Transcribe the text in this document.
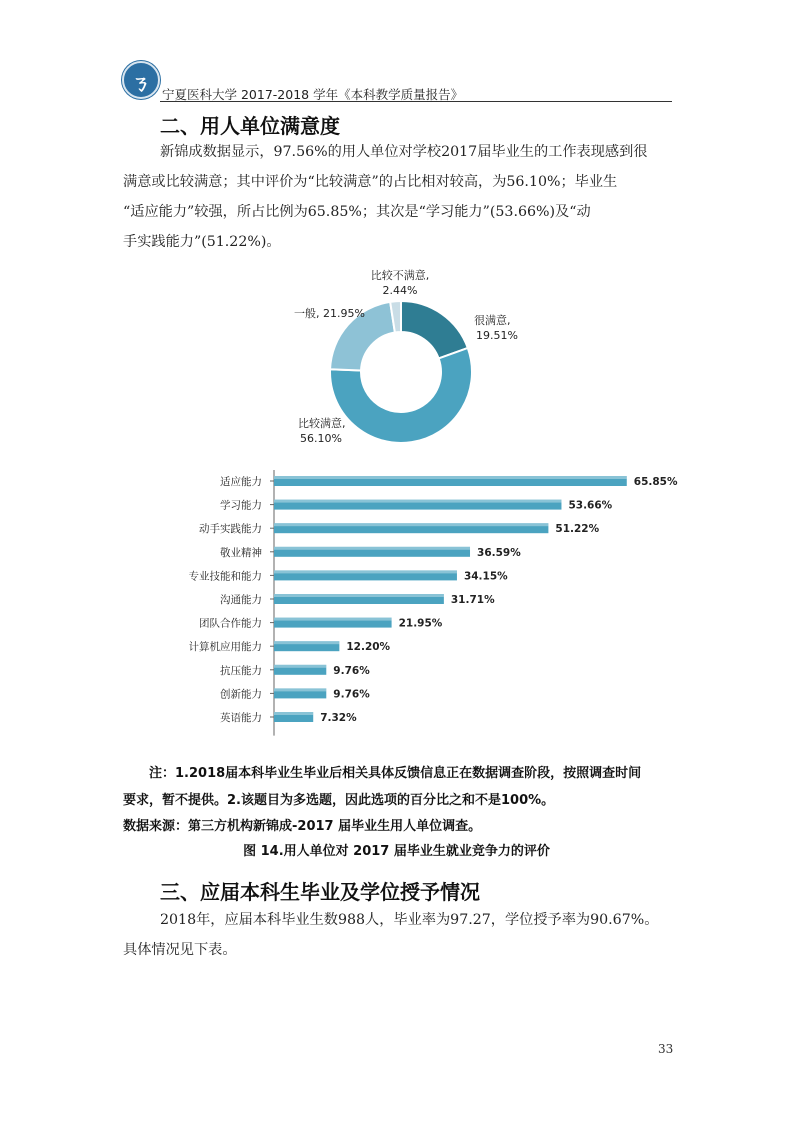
ㄋ 宁夏医科大学 2017-2018 学年《本科教学质量报告》
二、用人单位满意度
新锦成数据显示，97.56%的用人单位对学校2017届毕业生的工作表现感到很
满意或比较满意；其中评价为“比较满意”的占比相对较高，为56.10%；毕业生
“适应能力”较强，所占比例为65.85%；其次是“学习能力”(53.66%)及“动
手实践能力”(51.22%)。
很满意,
19.51%
比较满意,
56.10%
一般, 21.95%
比较不满意,
2.44%
适应能力	65.85%
学习能力	53.66%
动手实践能力	51.22%
敬业精神	36.59%
专业技能和能力	34.15%
沟通能力	31.71%
团队合作能力	21.95%
计算机应用能力	12.20%
抗压能力	9.76%
创新能力	9.76%
英语能力	7.32%
注：1.2018届本科毕业生毕业后相关具体反馈信息正在数据调查阶段，按照调查时间
要求，暂不提供。2.该题目为多选题，因此选项的百分比之和不是100%。
数据来源：第三方机构新锦成-2017 届毕业生用人单位调查。
图 14.用人单位对 2017 届毕业生就业竞争力的评价
三、应届本科生毕业及学位授予情况
2018年，应届本科毕业生数988人，毕业率为97.27，学位授予率为90.67%。
具体情况见下表。
33
